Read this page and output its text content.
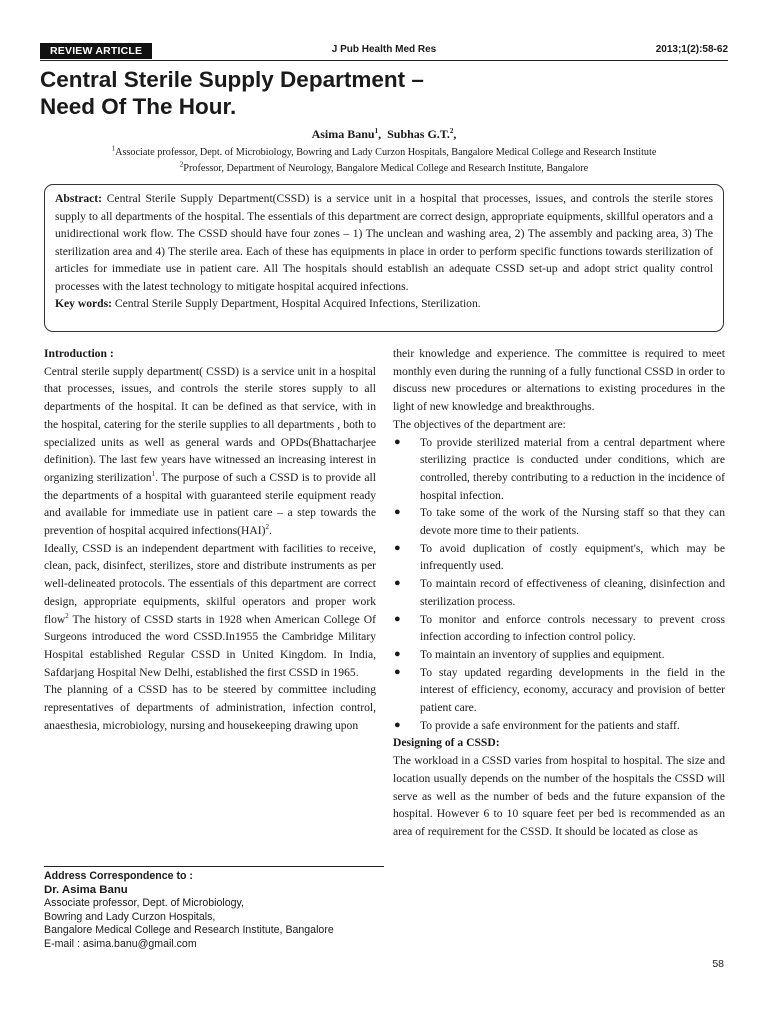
REVIEW ARTICLE	J Pub Health Med Res	2013;1(2):58-62
Central Sterile Supply Department –
Need Of The Hour.
Asima Banu$^1$,  Subhas G.T.$^2$,
$^1$Associate professor, Dept. of Microbiology, Bowring and Lady Curzon Hospitals, Bangalore Medical College and Research Institute
$^2$Professor, Department of Neurology, Bangalore Medical College and Research Institute, Bangalore

Abstract: Central Sterile Supply Department(CSSD) is a service unit in a hospital that processes, issues, and controls the sterile stores supply to all departments of the hospital. The essentials of this department are correct design, appropriate equipments, skillful operators and a unidirectional work flow. The CSSD should have four zones – 1) The unclean and washing area, 2) The assembly and packing area, 3) The sterilization area and 4) The sterile area. Each of these has equipments in place in order to perform specific functions towards sterilization of articles for immediate use in patient care. All The hospitals should establish an adequate CSSD set-up and adopt strict quality control processes with the latest technology to mitigate hospital acquired infections.

Key words: Central Sterile Supply Department, Hospital Acquired Infections, Sterilization.

Introduction :

Central sterile supply department( CSSD) is a service unit in a hospital that processes, issues, and controls the sterile stores supply to all departments of the hospital. It can be defined as that service, with in the hospital, catering for the sterile supplies to all departments , both to specialized units as well as general wards and OPDs(Bhattacharjee definition). The last few years have witnessed an increasing interest in organizing sterilization$^1$. The purpose of such a CSSD is to provide all the departments of a hospital with guaranteed sterile equipment ready and available for immediate use in patient care – a step towards the prevention of hospital acquired infections(HAI)$^2$.

Ideally, CSSD is an independent department with facilities to receive, clean, pack, disinfect, sterilizes, store and distribute instruments as per well-delineated protocols. The essentials of this department are correct design, appropriate equipments, skilful operators and proper work flow$^2$ The history of CSSD starts in 1928 when American College Of Surgeons introduced the word CSSD.In1955 the Cambridge Military Hospital established Regular CSSD in United Kingdom. In India, Safdarjang Hospital New Delhi, established the first CSSD in 1965.

The planning of a CSSD has to be steered by committee including representatives of departments of administration, infection control, anaesthesia, microbiology, nursing and housekeeping drawing upon

their knowledge and experience. The committee is required to meet monthly even during the running of a fully functional CSSD in order to discuss new procedures or alternations to existing procedures in the light of new knowledge and breakthroughs.

The objectives of the department are:

● To provide sterilized material from a central department where sterilizing practice is conducted under conditions, which are controlled, thereby contributing to a reduction in the incidence of hospital infection.
● To take some of the work of the Nursing staff so that they can devote more time to their patients.
● To avoid duplication of costly equipment's, which may be infrequently used.
● To maintain record of effectiveness of cleaning, disinfection and sterilization process.
● To monitor and enforce controls necessary to prevent cross infection according to infection control policy.
● To maintain an inventory of supplies and equipment.
● To stay updated regarding developments in the field in the interest of efficiency, economy, accuracy and provision of better patient care.
● To provide a safe environment for the patients and staff.

Designing of a CSSD:

The workload in a CSSD varies from hospital to hospital. The size and location usually depends on the number of the hospitals the CSSD will serve as well as the number of beds and the future expansion of the hospital. However 6 to 10 square feet per bed is recommended as an area of requirement for the CSSD. It should be located as close as

Address Correspondence to :
Dr. Asima Banu
Associate professor, Dept. of Microbiology,
Bowring and Lady Curzon Hospitals,
Bangalore Medical College and Research Institute, Bangalore
E-mail : asima.banu@gmail.com
58
